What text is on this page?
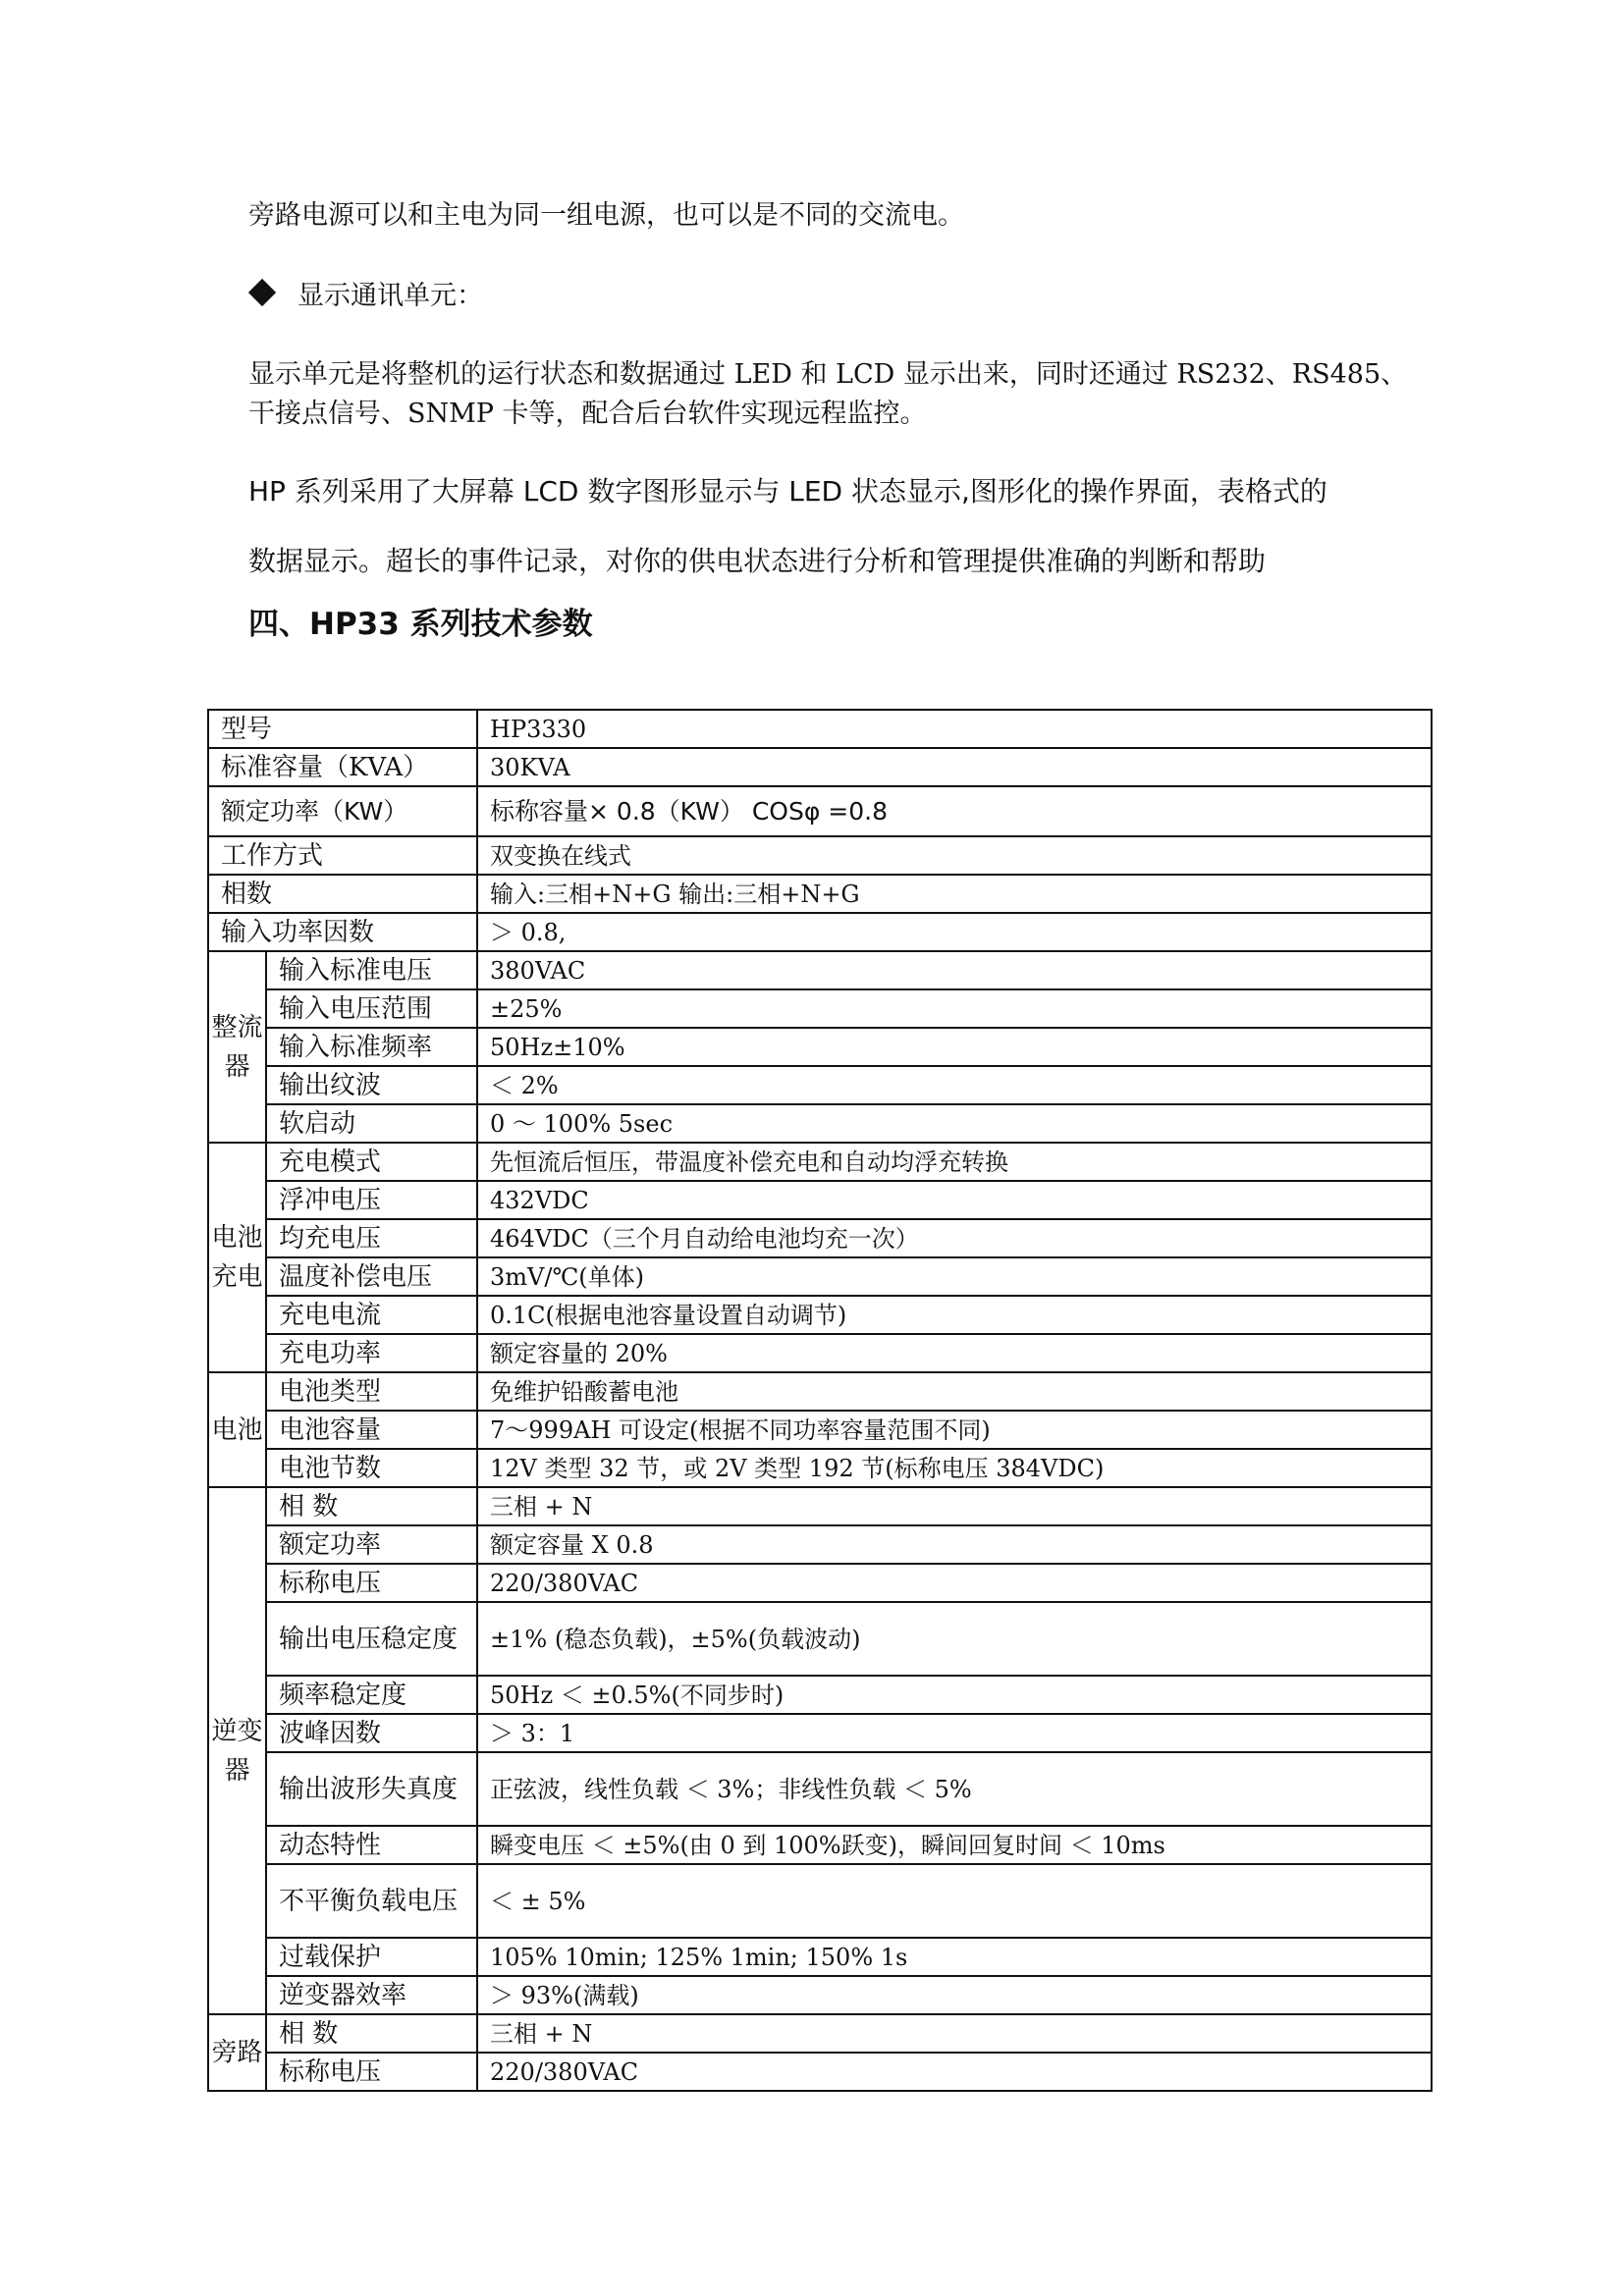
旁路电源可以和主电为同一组电源，也可以是不同的交流电。
显示通讯单元：
显示单元是将整机的运行状态和数据通过 LED 和 LCD 显示出来，同时还通过 RS232、RS485、
干接点信号、SNMP 卡等，配合后台软件实现远程监控。
HP 系列采用了大屏幕 LCD 数字图形显示与 LED 状态显示,图形化的操作界面，表格式的
数据显示。超长的事件记录，对你的供电状态进行分析和管理提供准确的判断和帮助
四、HP33 系列技术参数
型号		HP3330
标准容量（KVA）		30KVA
额定功率（KW）		标称容量× 0.8（KW） COSφ =0.8
工作方式		双变换在线式
相数		输入:三相+N+G 输出:三相+N+G
输入功率因数		＞ 0.8,
整流器	输入标准电压	380VAC
	输入电压范围	±25%
	输入标准频率	50Hz±10%
	输出纹波	＜ 2%
	软启动	0 ～ 100% 5sec
电池充电	充电模式	先恒流后恒压，带温度补偿充电和自动均浮充转换
	浮冲电压	432VDC
	均充电压	464VDC（三个月自动给电池均充一次）
	温度补偿电压	3mV/℃(单体)
	充电电流	0.1C(根据电池容量设置自动调节)
	充电功率	额定容量的 20%
电池	电池类型	免维护铅酸蓄电池
	电池容量	7～999AH 可设定(根据不同功率容量范围不同)
	电池节数	12V 类型 32 节，或 2V 类型 192 节(标称电压 384VDC)
逆变器	相 数	三相 + N
	额定功率	额定容量 X 0.8
	标称电压	220/380VAC
	输出电压稳定度	±1% (稳态负载)，±5%(负载波动)
	频率稳定度	50Hz ＜ ±0.5%(不同步时)
	波峰因数	＞ 3：1
	输出波形失真度	正弦波，线性负载 ＜ 3%；非线性负载 ＜ 5%
	动态特性	瞬变电压 ＜ ±5%(由 0 到 100%跃变)，瞬间回复时间 ＜ 10ms
	不平衡负载电压	＜ ± 5%
	过载保护	105% 10min; 125% 1min; 150% 1s
	逆变器效率	＞ 93%(满载)
旁路	相 数	三相 + N
	标称电压	220/380VAC
